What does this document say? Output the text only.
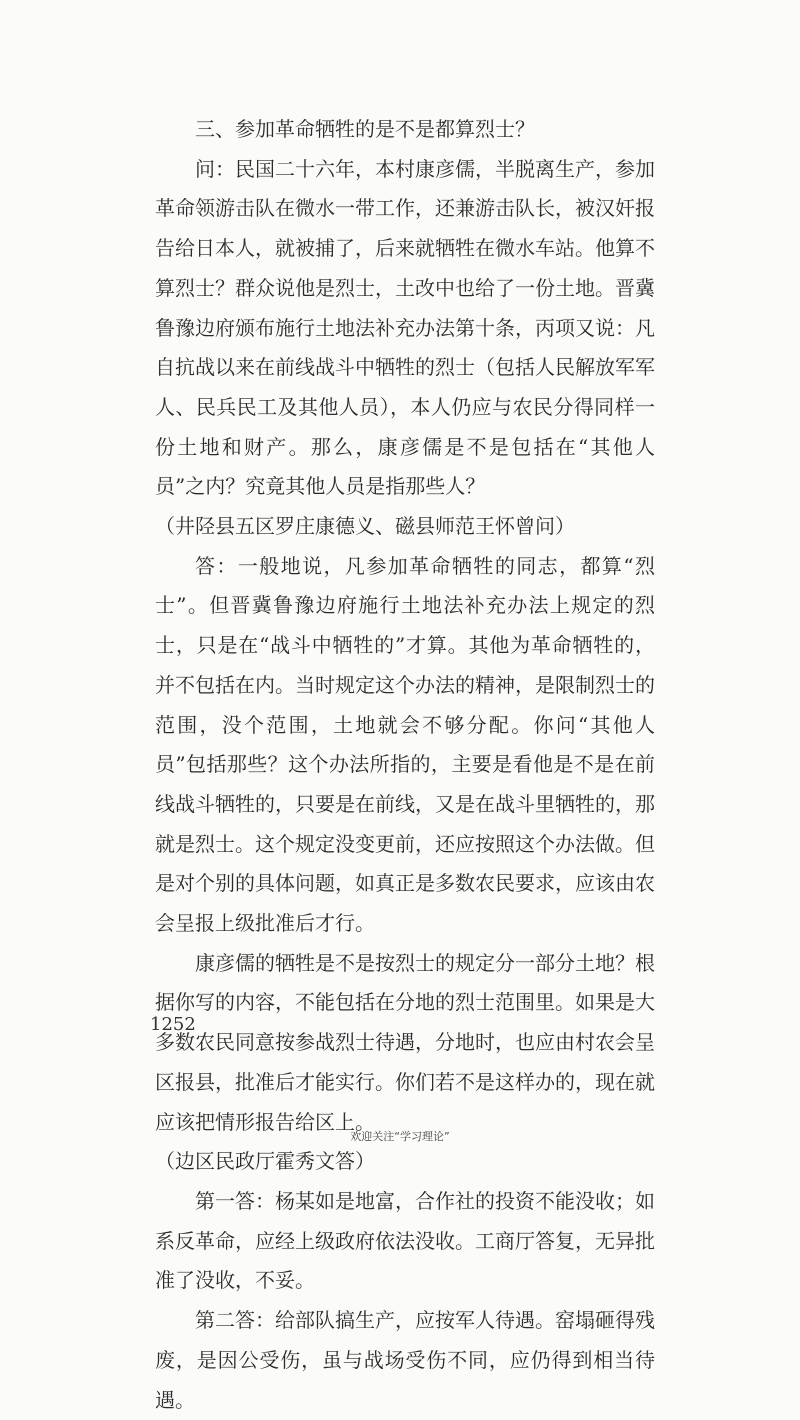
三、参加革命牺牲的是不是都算烈士？

问：民国二十六年，本村康彦儒，半脱离生产，参加革命领游击队在微水一带工作，还兼游击队长，被汉奸报告给日本人，就被捕了，后来就牺牲在微水车站。他算不算烈士？群众说他是烈士，土改中也给了一份土地。晋冀鲁豫边府颁布施行土地法补充办法第十条，丙项又说：凡自抗战以来在前线战斗中牺牲的烈士（包括人民解放军军人、民兵民工及其他人员），本人仍应与农民分得同样一份土地和财产。那么，康彦儒是不是包括在“其他人员”之内？究竟其他人员是指那些人？

（井陉县五区罗庄康德义、磁县师范王怀曾问）

答：一般地说，凡参加革命牺牲的同志，都算“烈士”。但晋冀鲁豫边府施行土地法补充办法上规定的烈士，只是在“战斗中牺牲的”才算。其他为革命牺牲的，并不包括在内。当时规定这个办法的精神，是限制烈士的范围，没个范围，土地就会不够分配。你问“其他人员”包括那些？这个办法所指的，主要是看他是不是在前线战斗牺牲的，只要是在前线，又是在战斗里牺牲的，那就是烈士。这个规定没变更前，还应按照这个办法做。但是对个别的具体问题，如真正是多数农民要求，应该由农会呈报上级批准后才行。

康彦儒的牺牲是不是按烈士的规定分一部分土地？根据你写的内容，不能包括在分地的烈士范围里。如果是大多数农民同意按参战烈士待遇，分地时，也应由村农会呈区报县，批准后才能实行。你们若不是这样办的，现在就应该把情形报告给区上。

（边区民政厅霍秀文答）

第一答：杨某如是地富，合作社的投资不能没收；如系反革命，应经上级政府依法没收。工商厅答复，无异批准了没收，不妥。

第二答：给部队搞生产，应按军人待遇。窑塌砸得残废，是因公受伤，虽与战场受伤不同，应仍得到相当待遇。

1252
欢迎关注“学习理论”
